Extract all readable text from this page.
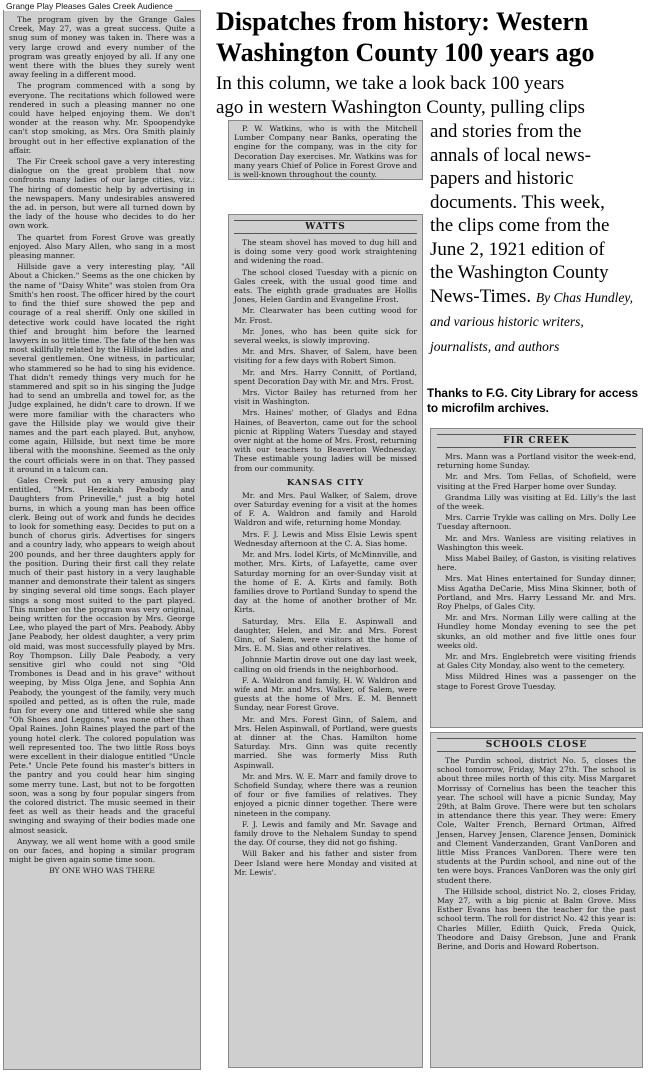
The program given by the Grange Gales Creek, May 27, was a great success. Quite a snug sum of money was taken in. There was a very large crowd and every number of the program was greatly enjoyed by all. If any one went there with the blues they surely went away feeling in a different mood.

The program commenced with a song by everyone. The recitations which followed were rendered in such a pleasing manner no one could have helped enjoying them. We don't wonder at the reason why. Mr. Spoopendyke can't stop smoking, as Mrs. Ora Smith plainly brought out in her effective explanation of the affair.

The Fir Creek school gave a very interesting dialogue on the great problem that now confronts many ladies of our large cities, viz.: The hiring of domestic help by advertising in the newspapers. Many undesirables answered the ad. in person, but were all turned down by the lady of the house who decides to do her own work.

The quartet from Forest Grove was greatly enjoyed. Also Mary Allen, who sang in a most pleasing manner.

Hillside gave a very interesting play, "All About a Chicken." Seems as the one chicken by the name of "Daisy White" was stolen from Ora Smith's hen roost. The officer hired by the court to find the thief sure showed the pep and courage of a real sheriff. Only one skilled in detective work could have located the right thief and brought him before the learned lawyers in so little time. The fate of the hen was most skillfully related by the Hillside ladies and several gentlemen. One witness, in particular, who stammered so he had to sing his evidence. That didn't remedy things very much for he stammered and spit so in his singing the Judge had to send an umbrella and towel for, as the Judge explained, he didn't care to drown. If we were more familiar with the characters who gave the Hillside play we would give their names and the part each played. But, anyhow, come again, Hillside, but next time be more liberal with the moonshine. Seemed as the only the court officials were in on that. They passed it around in a talcum can.

Gales Creek put on a very amusing play entitled, "Mrs. Hezekiah Peabody and Daughters from Prineville," just a big hotel burns, in which a young man has been office clerk. Being out of work and funds he decides to look for something easy. Decides to put on a bunch of chorus girls. Advertises for singers and a country lady, who appears to weigh about 200 pounds, and her three daughters apply for the position. During their first call they relate much of their past history in a very laughable manner and demonstrate their talent as singers by singing several old time songs. Each player sings a song most suited to the part played. This number on the program was very original, being written for the occasion by Mrs. George Lee, who played the part of Mrs. Peabody. Abby Jane Peabody, her oldest daughter, a very prim old maid, was most successfully played by Mrs. Roy Thompson. Lilly Dale Peabody, a very sensitive girl who could not sing "Old Trombones is Dead and in his grave" without weeping, by Miss Olga Jene, and Sophia Ann Peabody, the youngest of the family, very much spoiled and petted, as is often the rule, made fun for every one and tittered while she sang "Oh Shoes and Leggons," was none other than Opal Raines. John Raines played the part of the young hotel clerk. The colored population was well represented too. The two little Ross boys were excellent in their dialogue entitled "Uncle Pete." Uncle Pete found his master's bitters in the pantry and you could hear him singing some merry tune. Last, but not to be forgotten soon, was a song by four popular singers from the colored district. The music seemed in their feet as well as their heads and the graceful swinging and swaying of their bodies made one almost seasick.

Anyway, we all went home with a good smile on our faces, and hoping a similar program might be given again some time soon.

BY ONE WHO WAS THERE

Grange Play Pleases Gales Creek Audience
Dispatches from history: Western Washington County 100 years ago
In this column, we take a look back 100 years
ago in western Washington County, pulling clips
and stories from the
annals of local news-
papers and historic
documents. This week,
the clips come from the
June 2, 1921 edition of
the Washington County
News-Times. By Chas Hundley, and various historic writers, journalists, and authors

P. W. Watkins, who is with the Mitchell Lumber Company near Banks, operating the engine for the company, was in the city for Decoration Day exercises. Mr. Watkins was for many years Chief of Police in Forest Grove and is well-known throughout the county.

WATTS

The steam shovel has moved to dug hill and is doing some very good work straightening and widening the road.

The school closed Tuesday with a picnic on Gales creek, with the usual good time and eats. The eighth grade graduates are Hollis Jones, Helen Gardin and Evangeline Frost.

Mr. Clearwater has been cutting wood for Mr. Frost.

Mr. Jones, who has been quite sick for several weeks, is slowly improving.

Mr. and Mrs. Shaver, of Salem, have been visiting for a few days with Robert Simon.

Mr. and Mrs. Harry Connitt, of Portland, spent Decoration Day with Mr. and Mrs. Frost.

Mrs. Victor Bailey has returned from her visit in Washington.

Mrs. Haines' mother, of Gladys and Edna Haines, of Beaverton, came out for the school picnic at Rippling Waters Tuesday and stayed over night at the home of Mrs. Frost, returning with our teachers to Beaverton Wednesday. These estimable young ladies will be missed from our community.

KANSAS CITY

Mr. and Mrs. Paul Walker, of Salem, drove over Saturday evening for a visit at the homes of F. A. Waldron and family and Harold Waldron and wife, returning home Monday.

Mrs. F. J. Lewis and Miss Elsie Lewis spent Wednesday afternoon at the C. A. Sias home.

Mr. and Mrs. Iodel Kirts, of McMinnville, and mother, Mrs. Kirts, of Lafayette, came over Saturday morning for an over-Sunday visit at the home of E. A. Kirts and family. Both families drove to Portland Sunday to spend the day at the home of another brother of Mr. Kirts.

Saturday, Mrs. Ella E. Aspinwall and daughter, Helen, and Mr. and Mrs. Forest Ginn, of Salem, were visitors at the home of Mrs. E. M. Sias and other relatives.

Johnnie Martin drove out one day last week, calling on old friends in the neighborhood.

F. A. Waldron and family, H. W. Waldron and wife and Mr. and Mrs. Walker, of Salem, were guests at the home of Mrs. E. M. Bennett Sunday, near Forest Grove.

Mr. and Mrs. Forest Ginn, of Salem, and Mrs. Helen Aspinwall, of Portland, were guests at dinner at the Chas. Hamilton home Saturday. Mrs. Ginn was quite recently married. She was formerly Miss Ruth Aspinwall.

Mr. and Mrs. W. E. Marr and family drove to Schofield Sunday, where there was a reunion of four or five families of relatives. They enjoyed a picnic dinner together. There were nineteen in the company.

F. J. Lewis and family and Mr. Savage and family drove to the Nehalem Sunday to spend the day. Of course, they did not go fishing.

Will Baker and his father and sister from Deer Island were here Monday and visited at Mr. Lewis'.

Thanks to F.G. City Library for access to microfilm archives.
FIR CREEK

Mrs. Mann was a Portland visitor the week-end, returning home Sunday.

Mr. and Mrs. Tom Fellas, of Schofield, were visiting at the Fred Harper home over Sunday.

Grandma Lilly was visiting at Ed. Lilly's the last of the week.

Mrs. Carrie Trykle was calling on Mrs. Dolly Lee Tuesday afternoon.

Mr. and Mrs. Wanless are visiting relatives in Washington this week.

Miss Mabel Bailey, of Gaston, is visiting relatives here.

Mrs. Mat Hines entertained for Sunday dinner, Miss Agatha DeCarie, Miss Mina Skinner, both of Portland, and Mrs. Harry Lessand Mr. and Mrs. Roy Phelps, of Gales City.

Mr. and Mrs. Norman Lilly were calling at the Hundley home Monday evening to see the pet skunks, an old mother and five little ones four weeks old.

Mr. and Mrs. Englebretch were visiting friends at Gales City Monday, also went to the cemetery.

Miss Mildred Hines was a passenger on the stage to Forest Grove Tuesday.

SCHOOLS CLOSE

The Purdin school, district No. 5, closes the school tomorrow, Friday, May 27th. The school is about three miles north of this city. Miss Margaret Morrissy of Cornelius has been the teacher this year. The school will have a picnic Sunday, May 29th, at Balm Grove. There were but ten scholars in attendance there this year. They were: Emery Cole, Walter French, Bernard Ortman, Alfred Jensen, Harvey Jensen, Clarence Jensen, Dominick and Clement Vanderzanden, Grant VanDoren and little Miss Frances VanDoren. There were ten students at the Purdin school, and nine out of the ten were boys. Frances VanDoren was the only girl student there.

The Hillside school, district No. 2, closes Friday, May 27, with a big picnic at Balm Grove. Miss Esther Evans has been the teacher for the past school term. The roll for district No. 42 this year is: Charles Miller, Ediith Quick, Freda Quick, Theodore and Daisy Grebson, June and Frank Berine, and Doris and Howard Robertson.
